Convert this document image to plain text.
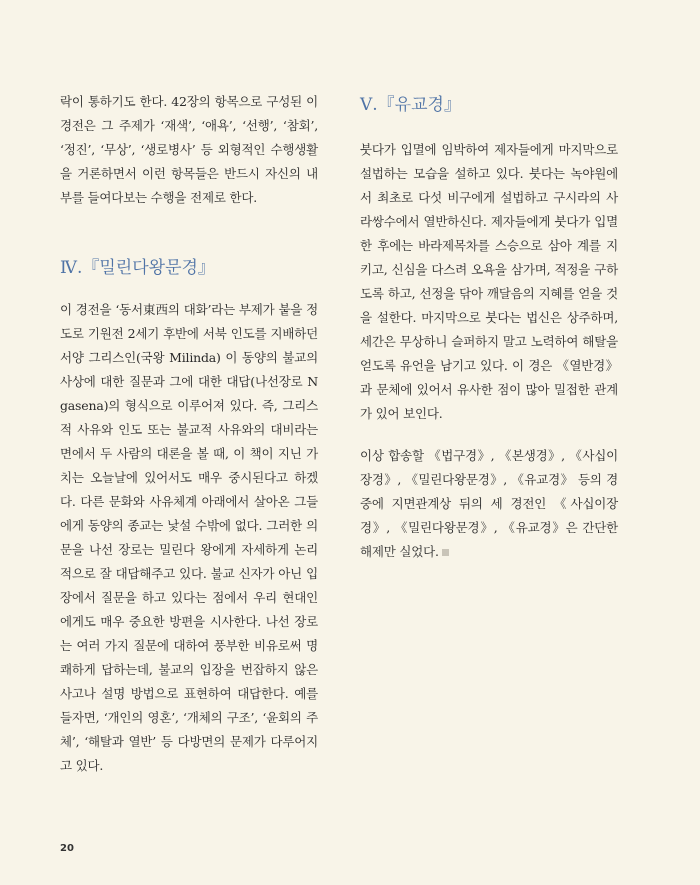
락이 통하기도 한다. 42장의 항목으로 구성된 이 경전은 그 주제가 ‘재색’, ‘애욕’, ‘선행’, ‘참회’, ‘정진’, ‘무상’, ‘생로병사’ 등 외형적인 수행생활을 거론하면서 이런 항목들은 반드시 자신의 내부를 들여다보는 수행을 전제로 한다.

Ⅳ.『밀린다왕문경』

이 경전을 ‘동서東西의 대화’라는 부제가 붙을 정도로 기원전 2세기 후반에 서북 인도를 지배하던 서양 그리스인(국왕 Milinda) 이 동양의 불교의 사상에 대한 질문과 그에 대한 대답(나선장로 N gasena)의 형식으로 이루어져 있다. 즉, 그리스적 사유와 인도 또는 불교적 사유와의 대비라는 면에서 두 사람의 대론을 볼 때, 이 책이 지닌 가치는 오늘날에 있어서도 매우 중시된다고 하겠다. 다른 문화와 사유체계 아래에서 살아온 그들에게 동양의 종교는 낯설 수밖에 없다. 그러한 의문을 나선 장로는 밀린다 왕에게 자세하게 논리적으로 잘 대답해주고 있다. 불교 신자가 아닌 입장에서 질문을 하고 있다는 점에서 우리 현대인에게도 매우 중요한 방편을 시사한다. 나선 장로는 여러 가지 질문에 대하여 풍부한 비유로써 명쾌하게 답하는데, 불교의 입장을 번잡하지 않은 사고나 설명 방법으로 표현하여 대답한다. 예를 들자면, ‘개인의 영혼’, ‘개체의 구조’, ‘윤회의 주체’, ‘해탈과 열반’ 등 다방면의 문제가 다루어지고 있다.

Ⅴ.『유교경』

붓다가 입멸에 임박하여 제자들에게 마지막으로 설법하는 모습을 설하고 있다. 붓다는 녹야원에서 최초로 다섯 비구에게 설법하고 구시라의 사라쌍수에서 열반하신다. 제자들에게 붓다가 입멸한 후에는 바라제목차를 스승으로 삼아 계를 지키고, 신심을 다스려 오욕을 삼가며, 적정을 구하도록 하고, 선정을 닦아 깨달음의 지혜를 얻을 것을 설한다. 마지막으로 붓다는 법신은 상주하며, 세간은 무상하니 슬퍼하지 말고 노력하여 해탈을 얻도록 유언을 남기고 있다. 이 경은 《열반경》과 문체에 있어서 유사한 점이 많아 밀접한 관계가 있어 보인다.

이상 합송할 《법구경》, 《본생경》, 《사십이장경》, 《밀린다왕문경》, 《유교경》 등의 경중에 지면관계상 뒤의 세 경전인 《사십이장경》, 《밀린다왕문경》, 《유교경》은 간단한 해제만 실었다.

20
